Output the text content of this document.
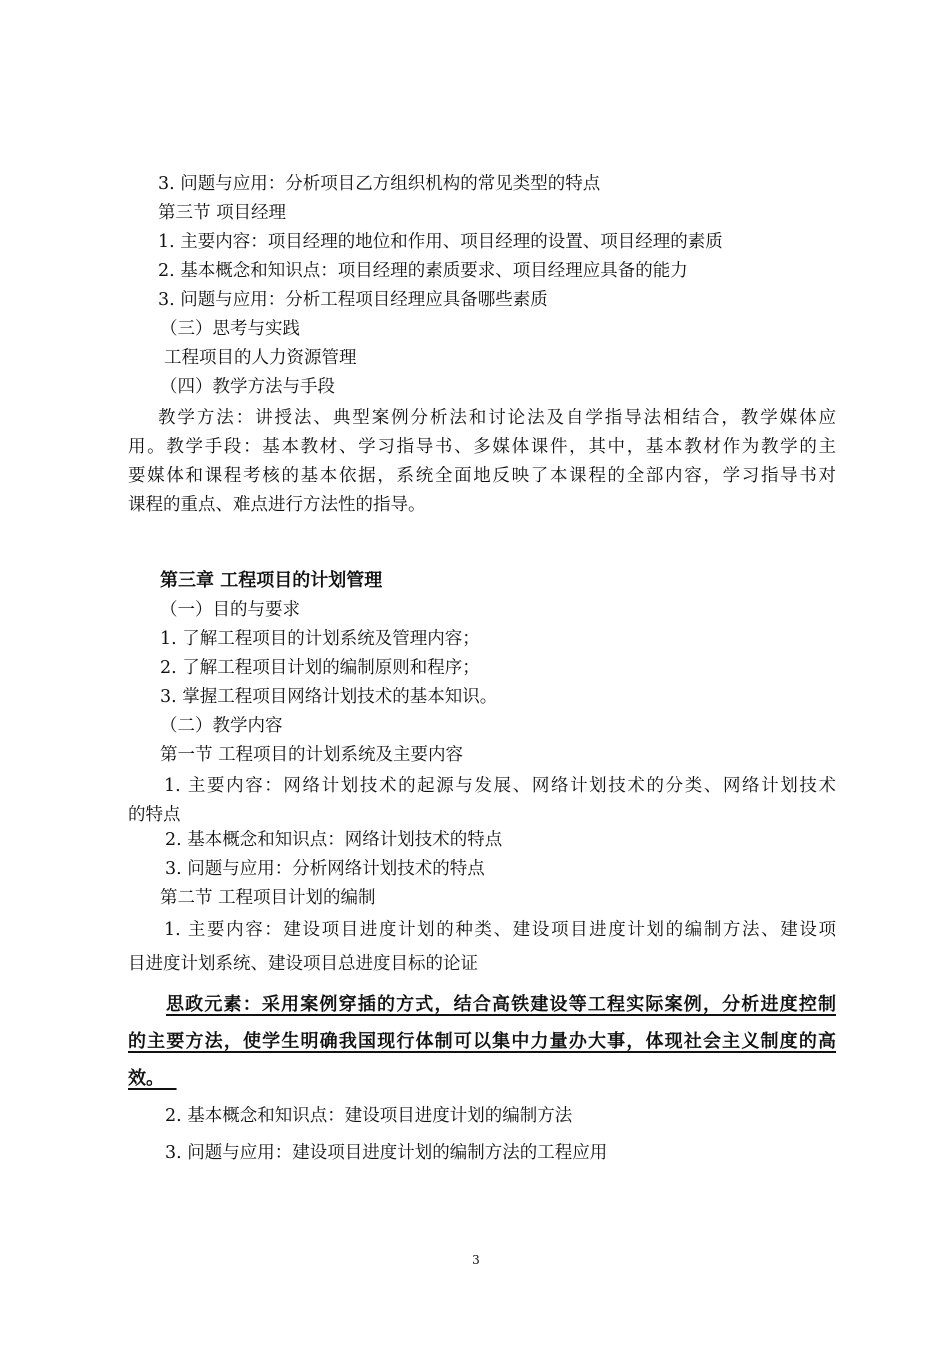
3. 问题与应用：分析项目乙方组织机构的常见类型的特点
第三节 项目经理
1. 主要内容：项目经理的地位和作用、项目经理的设置、项目经理的素质
2. 基本概念和知识点：项目经理的素质要求、项目经理应具备的能力
3. 问题与应用：分析工程项目经理应具备哪些素质
（三）思考与实践
工程项目的人力资源管理
（四）教学方法与手段
教学方法：讲授法、典型案例分析法和讨论法及自学指导法相结合，教学媒体应
用。教学手段：基本教材、学习指导书、多媒体课件，其中，基本教材作为教学的主
要媒体和课程考核的基本依据，系统全面地反映了本课程的全部内容，学习指导书对
课程的重点、难点进行方法性的指导。
第三章 工程项目的计划管理
（一）目的与要求
1. 了解工程项目的计划系统及管理内容；
2. 了解工程项目计划的编制原则和程序；
3. 掌握工程项目网络计划技术的基本知识。
（二）教学内容
第一节 工程项目的计划系统及主要内容
1. 主要内容：网络计划技术的起源与发展、网络计划技术的分类、网络计划技术
的特点
2. 基本概念和知识点：网络计划技术的特点
3. 问题与应用：分析网络计划技术的特点
第二节 工程项目计划的编制
1. 主要内容：建设项目进度计划的种类、建设项目进度计划的编制方法、建设项
目进度计划系统、建设项目总进度目标的论证
思政元素：采用案例穿插的方式，结合高铁建设等工程实际案例，分析进度控制
的主要方法，使学生明确我国现行体制可以集中力量办大事，体现社会主义制度的高
效。
2. 基本概念和知识点：建设项目进度计划的编制方法
3. 问题与应用：建设项目进度计划的编制方法的工程应用
3
